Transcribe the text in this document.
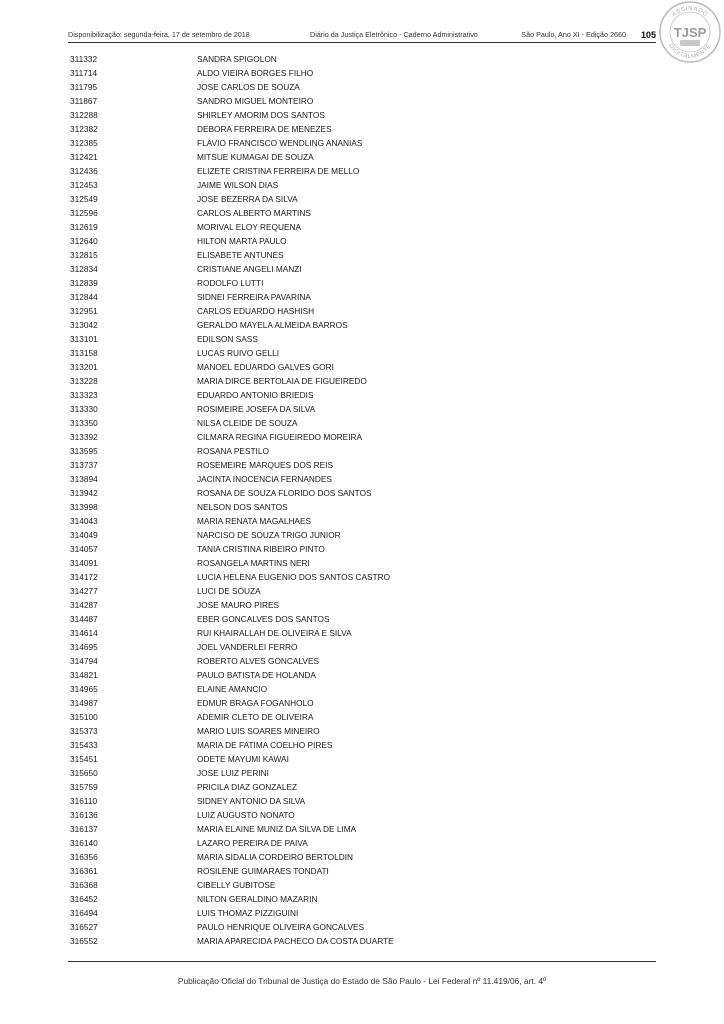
Disponibilização: segunda-feira, 17 de setembro de 2018	Diário da Justiça Eletrônico - Caderno Administrativo	São Paulo, Ano XI - Edição 2660 105
ASSINADO
DIGITALMENTE
TJSP
311332	SANDRA SPIGOLON
311714	ALDO VIEIRA BORGES FILHO
311795	JOSE CARLOS DE SOUZA
311867	SANDRO MIGUEL MONTEIRO
312288	SHIRLEY AMORIM DOS SANTOS
312382	DEBORA FERREIRA DE MENEZES
312385	FLAVIO FRANCISCO WENDLING ANANIAS
312421	MITSUE KUMAGAI DE SOUZA
312436	ELIZETE CRISTINA FERREIRA DE MELLO
312453	JAIME WILSON DIAS
312549	JOSE BEZERRA DA SILVA
312596	CARLOS ALBERTO MARTINS
312619	MORIVAL ELOY REQUENA
312640	HILTON MARTA PAULO
312815	ELISABETE ANTUNES
312834	CRISTIANE ANGELI MANZI
312839	RODOLFO LUTTI
312844	SIDNEI FERREIRA PAVARINA
312951	CARLOS EDUARDO HASHISH
313042	GERALDO MAYELA ALMEIDA BARROS
313101	EDILSON SASS
313158	LUCAS RUIVO GELLI
313201	MANOEL EDUARDO GALVES GORI
313228	MARIA DIRCE BERTOLAIA DE FIGUEIREDO
313323	EDUARDO ANTONIO BRIEDIS
313330	ROSIMEIRE JOSEFA DA SILVA
313350	NILSA CLEIDE DE SOUZA
313392	CILMARA REGINA FIGUEIREDO MOREIRA
313595	ROSANA PESTILO
313737	ROSEMEIRE MARQUES DOS REIS
313894	JACINTA INOCENCIA FERNANDES
313942	ROSANA DE SOUZA FLORIDO DOS SANTOS
313998	NELSON DOS SANTOS
314043	MARIA RENATA MAGALHAES
314049	NARCISO DE SOUZA TRIGO JUNIOR
314057	TANIA CRISTINA RIBEIRO PINTO
314091	ROSANGELA MARTINS NERI
314172	LUCIA HELENA EUGENIO DOS SANTOS CASTRO
314277	LUCI DE SOUZA
314287	JOSE MAURO PIRES
314487	EBER GONCALVES DOS SANTOS
314614	RUI KHAIRALLAH DE OLIVEIRA E SILVA
314695	JOEL VANDERLEI FERRO
314794	ROBERTO ALVES GONCALVES
314821	PAULO BATISTA DE HOLANDA
314965	ELAINE AMANCIO
314987	EDMUR BRAGA FOGANHOLO
315100	ADEMIR CLETO DE OLIVEIRA
315373	MARIO LUIS SOARES MINEIRO
315433	MARIA DE FATIMA COELHO PIRES
315451	ODETE MAYUMI KAWAI
315650	JOSE LUIZ PERINI
315759	PRICILA DIAZ GONZALEZ
316110	SIDNEY ANTONIO DA SILVA
316136	LUIZ AUGUSTO NONATO
316137	MARIA ELAINE MUNIZ DA SILVA DE LIMA
316140	LAZARO PEREIRA DE PAIVA
316356	MARIA SIDALIA CORDEIRO BERTOLDIN
316361	ROSILENE GUIMARAES TONDATI
316368	CIBELLY GUBITOSE
316452	NILTON GERALDINO MAZARIN
316494	LUIS THOMAZ PIZZIGUINI
316527	PAULO HENRIQUE OLIVEIRA GONCALVES
316552	MARIA APARECIDA PACHECO DA COSTA DUARTE
Publicação Oficial do Tribunal de Justiça do Estado de São Paulo - Lei Federal nº 11.419/06, art. 4º
